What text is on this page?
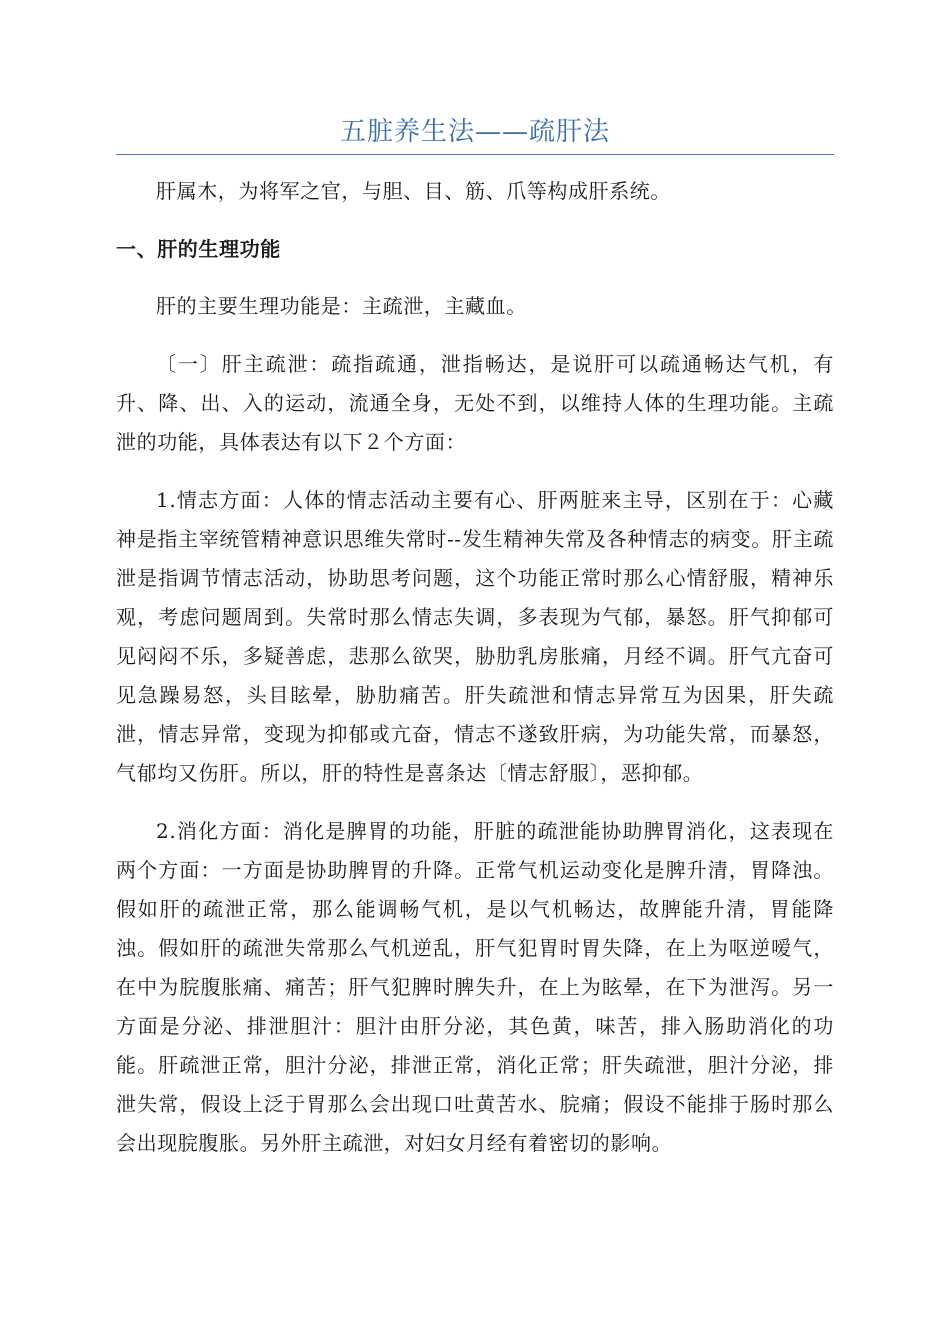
五脏养生法——疏肝法

肝属木，为将军之官，与胆、目、筋、爪等构成肝系统。

一、肝的生理功能

肝的主要生理功能是：主疏泄，主藏血。

〔一〕肝主疏泄：疏指疏通，泄指畅达，是说肝可以疏通畅达气机，有升、降、出、入的运动，流通全身，无处不到，以维持人体的生理功能。主疏泄的功能，具体表达有以下２个方面：

1.情志方面：人体的情志活动主要有心、肝两脏来主导，区别在于：心藏神是指主宰统管精神意识思维失常时--发生精神失常及各种情志的病变。肝主疏泄是指调节情志活动，协助思考问题，这个功能正常时那么心情舒服，精神乐观，考虑问题周到。失常时那么情志失调，多表现为气郁，暴怒。肝气抑郁可见闷闷不乐，多疑善虑，悲那么欲哭，胁肋乳房胀痛，月经不调。肝气亢奋可见急躁易怒，头目眩晕，胁肋痛苦。肝失疏泄和情志异常互为因果，肝失疏泄，情志异常，变现为抑郁或亢奋，情志不遂致肝病，为功能失常，而暴怒，气郁均又伤肝。所以，肝的特性是喜条达〔情志舒服〕，恶抑郁。

2.消化方面：消化是脾胃的功能，肝脏的疏泄能协助脾胃消化，这表现在两个方面：一方面是协助脾胃的升降。正常气机运动变化是脾升清，胃降浊。假如肝的疏泄正常，那么能调畅气机，是以气机畅达，故脾能升清，胃能降浊。假如肝的疏泄失常那么气机逆乱，肝气犯胃时胃失降，在上为呕逆嗳气，在中为脘腹胀痛、痛苦；肝气犯脾时脾失升，在上为眩晕，在下为泄泻。另一方面是分泌、排泄胆汁：胆汁由肝分泌，其色黄，味苦，排入肠助消化的功能。肝疏泄正常，胆汁分泌，排泄正常，消化正常；肝失疏泄，胆汁分泌，排泄失常，假设上泛于胃那么会出现口吐黄苦水、脘痛；假设不能排于肠时那么会出现脘腹胀。另外肝主疏泄，对妇女月经有着密切的影响。
